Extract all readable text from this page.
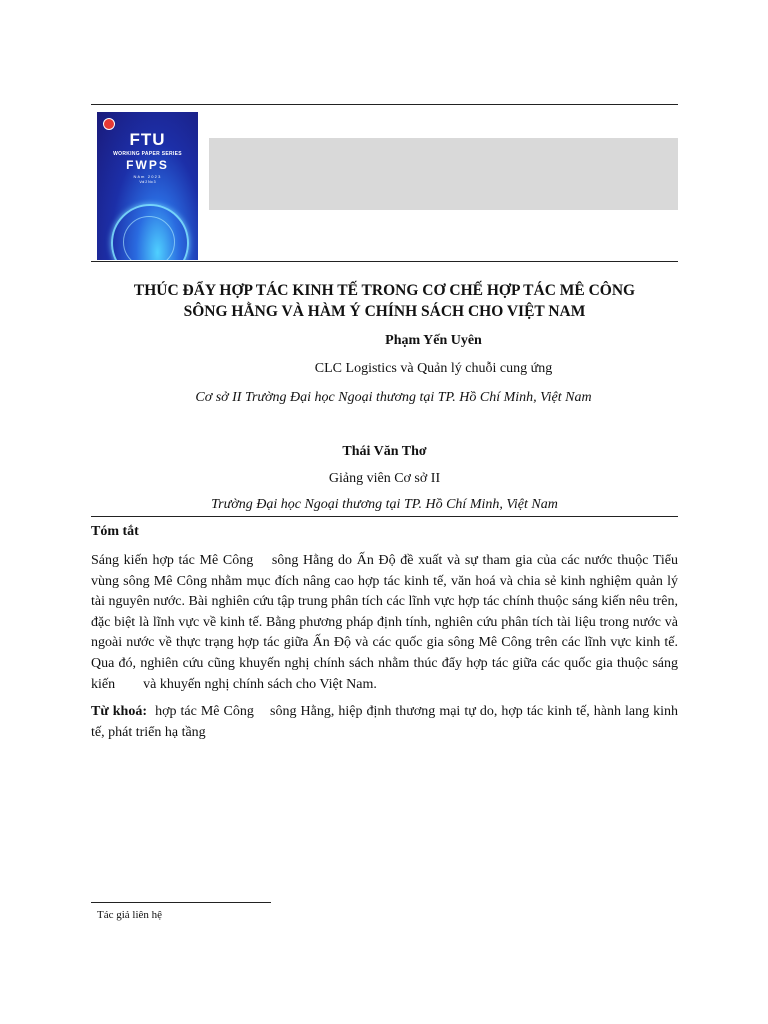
FTU
WORKING PAPER SERIES
FWPS
Năm 2023
Vol 2 No 3
THÚC ĐẨY HỢP TÁC KINH TẾ TRONG CƠ CHẾ HỢP TÁC MÊ CÔNG
SÔNG HẰNG VÀ HÀM Ý CHÍNH SÁCH CHO VIỆT NAM
Phạm Yến Uyên
CLC Logistics và Quản lý chuỗi cung ứng
Cơ sở II Trường Đại học Ngoại thương tại TP. Hồ Chí Minh, Việt Nam
Thái Văn Thơ
Giảng viên Cơ sở II
Trường Đại học Ngoại thương tại TP. Hồ Chí Minh, Việt Nam
Tóm tắt

Sáng kiến hợp tác Mê Công    sông Hằng do Ấn Độ đề xuất và sự tham gia của các nước thuộc Tiểu vùng sông Mê Công nhằm mục đích nâng cao hợp tác kinh tế, văn hoá và chia sẻ kinh nghiệm quản lý tài nguyên nước. Bài nghiên cứu tập trung phân tích các lĩnh vực hợp tác chính thuộc sáng kiến nêu trên, đặc biệt là lĩnh vực về kinh tế. Bằng phương pháp định tính, nghiên cứu phân tích tài liệu trong nước và ngoài nước về thực trạng hợp tác giữa Ấn Độ và các quốc gia sông Mê Công trên các lĩnh vực kinh tế. Qua đó, nghiên cứu cũng khuyến nghị chính sách nhằm thúc đẩy hợp tác giữa các quốc gia thuộc sáng kiến        và khuyến nghị chính sách cho Việt Nam.

Từ khoá: hợp tác Mê Công    sông Hằng, hiệp định thương mại tự do, hợp tác kinh tế, hành lang kinh tế, phát triển hạ tầng

Tác giả liên hệ
